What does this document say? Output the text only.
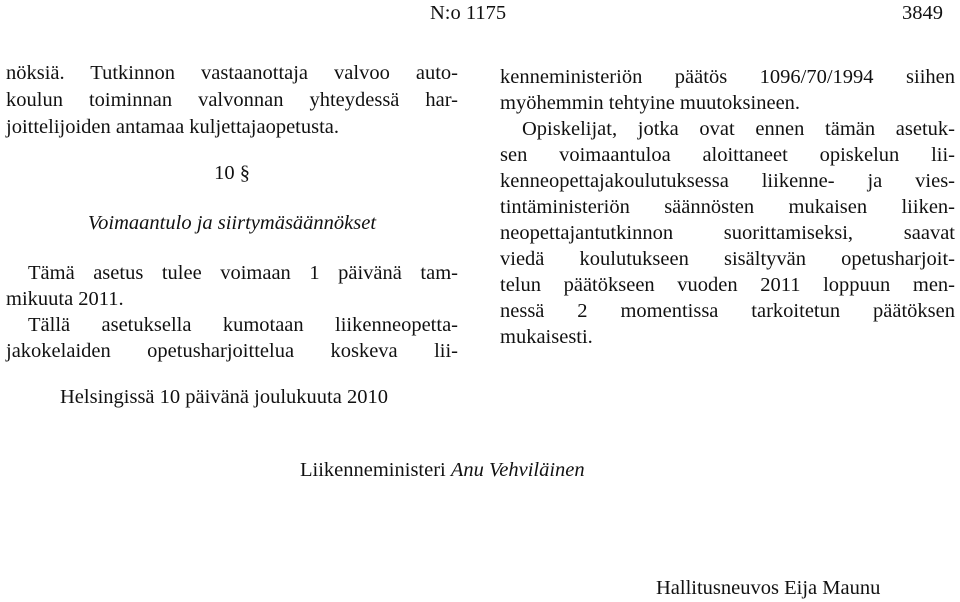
N:o 1175	3849
nöksiä. Tutkinnon vastaanottaja valvoo auto-
koulun toiminnan valvonnan yhteydessä har-
joittelijoiden antamaa kuljettajaopetusta.
10 §
Voimaantulo ja siirtymäsäännökset
Tämä asetus tulee voimaan 1 päivänä tam-
mikuuta 2011.
Tällä asetuksella kumotaan liikenneopetta-
jakokelaiden opetusharjoittelua koskeva lii-
kenneministeriön päätös 1096/70/1994 siihen
myöhemmin tehtyine muutoksineen.
Opiskelijat, jotka ovat ennen tämän asetuk-
sen voimaantuloa aloittaneet opiskelun lii-
kenneopettajakoulutuksessa liikenne- ja vies-
tintäministeriön säännösten mukaisen liiken-
neopettajantutkinnon suorittamiseksi, saavat
viedä koulutukseen sisältyvän opetusharjoit-
telun päätökseen vuoden 2011 loppuun men-
nessä 2 momentissa tarkoitetun päätöksen
mukaisesti.
Helsingissä 10 päivänä joulukuuta 2010
Liikenneministeri Anu Vehviläinen
Hallitusneuvos Eija Maunu
